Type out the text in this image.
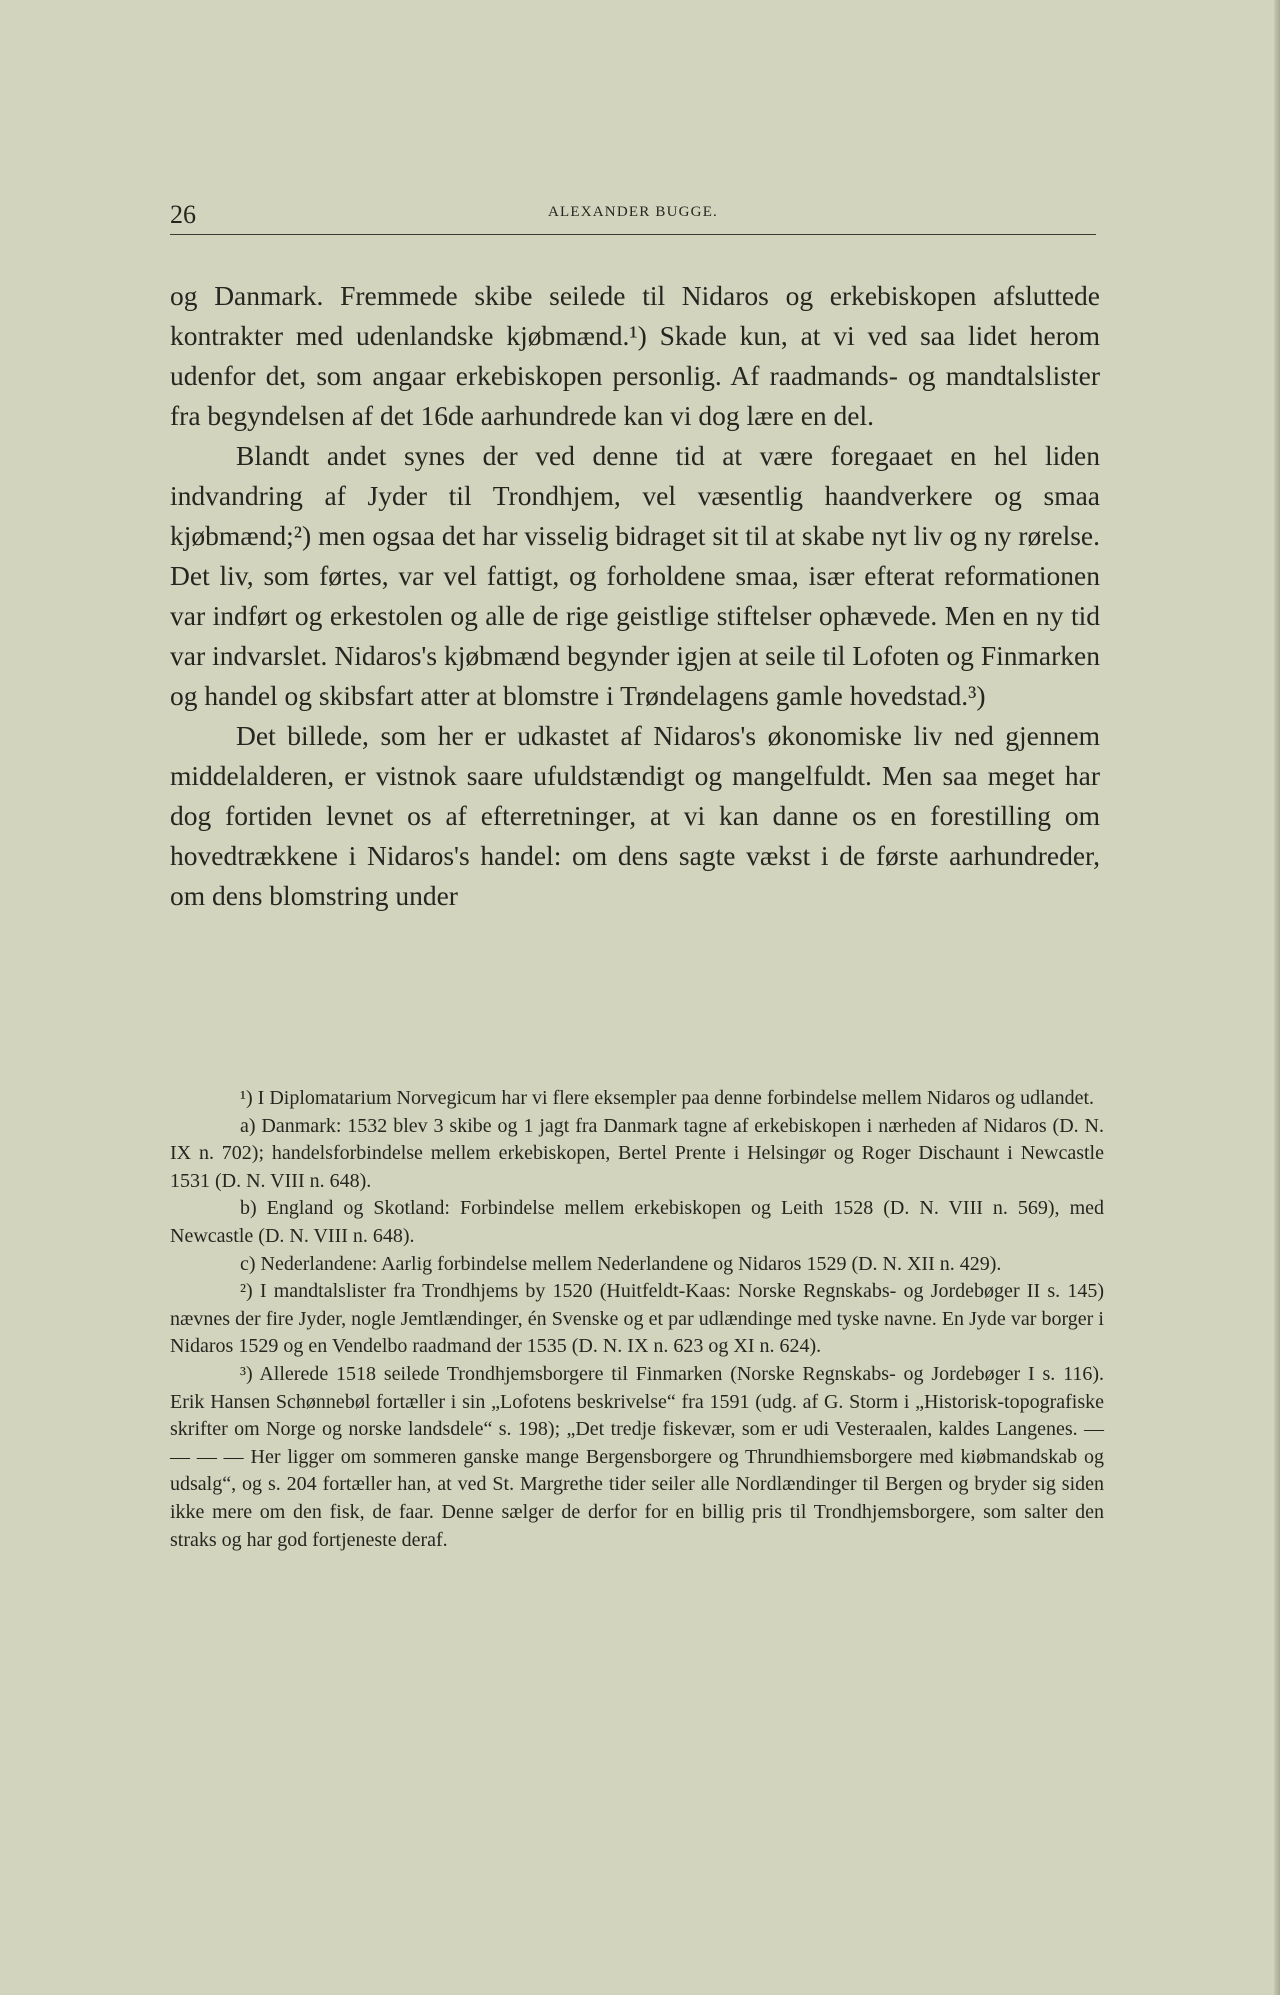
26	ALEXANDER BUGGE.

og Danmark. Fremmede skibe seilede til Nidaros og erkebiskopen afsluttede kontrakter med udenlandske kjøbmænd.¹) Skade kun, at vi ved saa lidet herom udenfor det, som angaar erkebiskopen personlig. Af raadmands- og mandtalslister fra begyndelsen af det 16de aarhundrede kan vi dog lære en del.

Blandt andet synes der ved denne tid at være foregaaet en hel liden indvandring af Jyder til Trondhjem, vel væsentlig haandverkere og smaa kjøbmænd;²) men ogsaa det har visselig bidraget sit til at skabe nyt liv og ny rørelse. Det liv, som førtes, var vel fattigt, og forholdene smaa, især efterat reformationen var indført og erkestolen og alle de rige geistlige stiftelser ophævede. Men en ny tid var indvarslet. Nidaros's kjøbmænd begynder igjen at seile til Lofoten og Finmarken og handel og skibsfart atter at blomstre i Trøndelagens gamle hovedstad.³)

Det billede, som her er udkastet af Nidaros's økonomiske liv ned gjennem middelalderen, er vistnok saare ufuldstændigt og mangelfuldt. Men saa meget har dog fortiden levnet os af efterretninger, at vi kan danne os en forestilling om hovedtrækkene i Nidaros's handel: om dens sagte vækst i de første aarhundreder, om dens blomstring under

¹) I Diplomatarium Norvegicum har vi flere eksempler paa denne forbindelse mellem Nidaros og udlandet.

a) Danmark: 1532 blev 3 skibe og 1 jagt fra Danmark tagne af erkebiskopen i nærheden af Nidaros (D. N. IX n. 702); handelsforbindelse mellem erkebiskopen, Bertel Prente i Helsingør og Roger Dischaunt i Newcastle 1531 (D. N. VIII n. 648).

b) England og Skotland: Forbindelse mellem erkebiskopen og Leith 1528 (D. N. VIII n. 569), med Newcastle (D. N. VIII n. 648).

c) Nederlandene: Aarlig forbindelse mellem Nederlandene og Nidaros 1529 (D. N. XII n. 429).

²) I mandtalslister fra Trondhjems by 1520 (Huitfeldt-Kaas: Norske Regnskabs- og Jordebøger II s. 145) nævnes der fire Jyder, nogle Jemtlændinger, én Svenske og et par udlændinge med tyske navne. En Jyde var borger i Nidaros 1529 og en Vendelbo raadmand der 1535 (D. N. IX n. 623 og XI n. 624).

³) Allerede 1518 seilede Trondhjemsborgere til Finmarken (Norske Regnskabs- og Jordebøger I s. 116). Erik Hansen Schønnebøl fortæller i sin „Lofotens beskrivelse“ fra 1591 (udg. af G. Storm i „Historisk-topografiske skrifter om Norge og norske landsdele“ s. 198); „Det tredje fiskevær, som er udi Vesteraalen, kaldes Langenes. — — — — Her ligger om sommeren ganske mange Bergensborgere og Thrundhiemsborgere med kiøbmandskab og udsalg“, og s. 204 fortæller han, at ved St. Margrethe tider seiler alle Nordlændinger til Bergen og bryder sig siden ikke mere om den fisk, de faar. Denne sælger de derfor for en billig pris til Trondhjemsborgere, som salter den straks og har god fortjeneste deraf.
